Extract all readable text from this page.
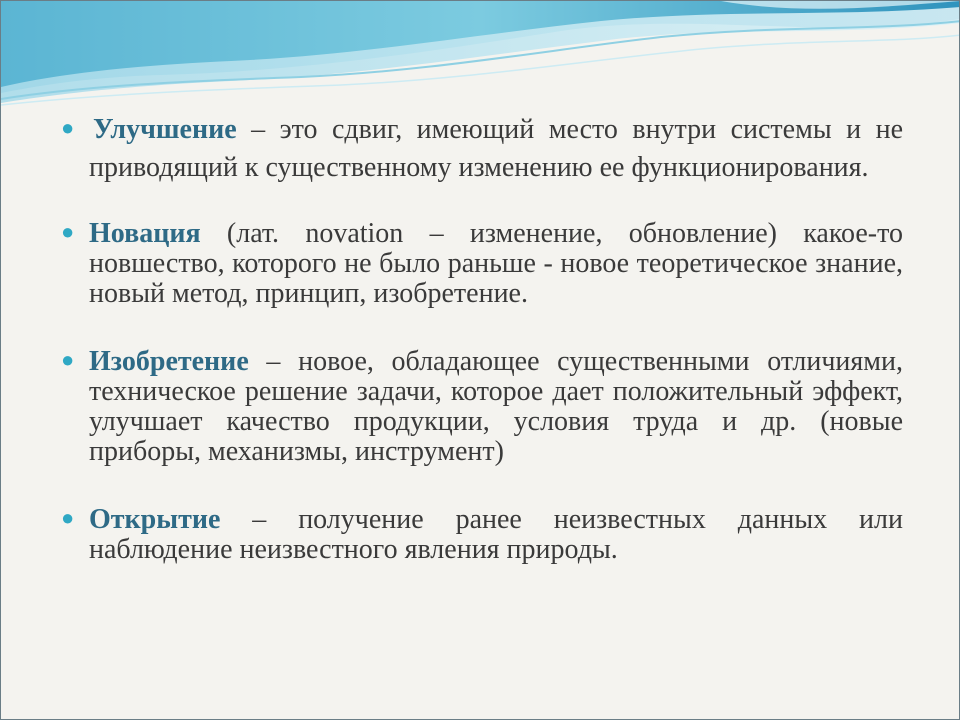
● Улучшение – это сдвиг, имеющий место внутри системы и не приводящий к существенному изменению ее функционирования.
● Новация (лат. novation – изменение, обновление) какое-то новшество, которого не было раньше - новое теоретическое знание, новый метод, принцип, изобретение.
● Изобретение – новое, обладающее существенными отличиями, техническое решение задачи, которое дает положительный эффект, улучшает качество продукции, условия труда и др. (новые приборы, механизмы, инструмент)
● Открытие – получение ранее неизвестных данных или наблюдение неизвестного явления природы.
